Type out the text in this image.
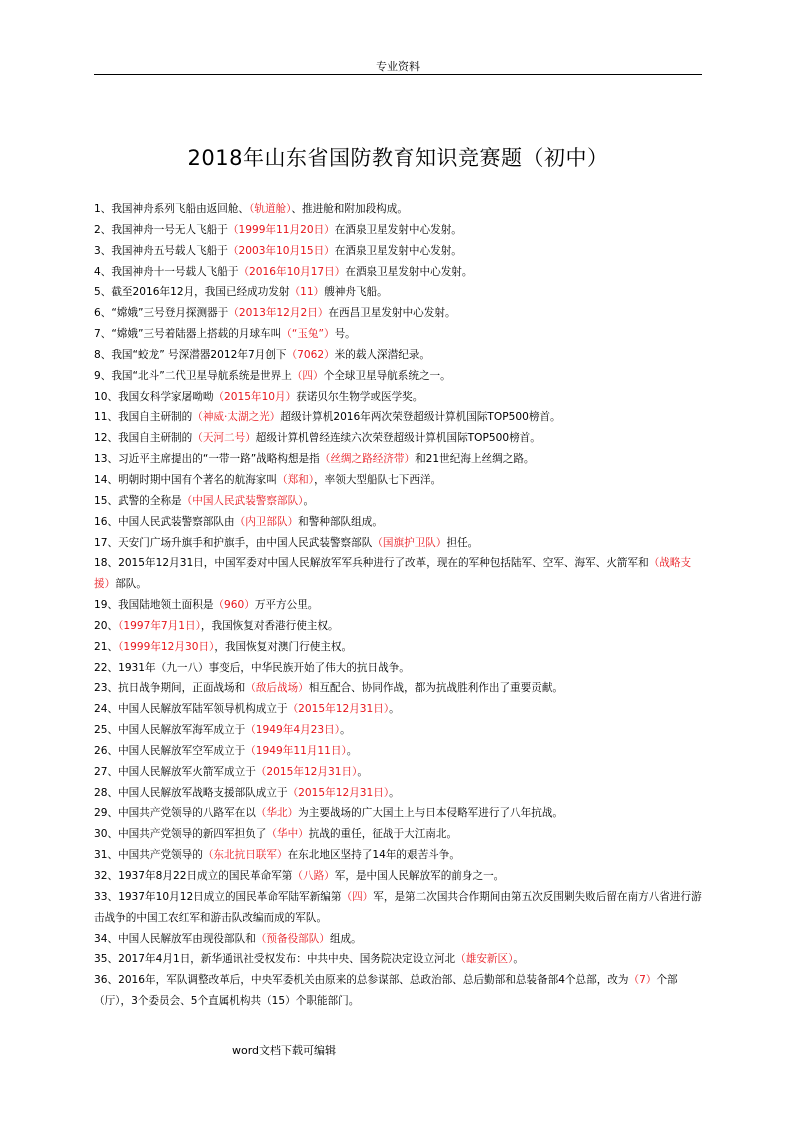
专业资料
2018年山东省国防教育知识竞赛题（初中）
1、我国神舟系列飞船由返回舱、（轨道舱）、推进舱和附加段构成。
2、我国神舟一号无人飞船于（1999年11月20日）在酒泉卫星发射中心发射。
3、我国神舟五号载人飞船于（2003年10月15日）在酒泉卫星发射中心发射。
4、我国神舟十一号载人飞船于（2016年10月17日）在酒泉卫星发射中心发射。
5、截至2016年12月，我国已经成功发射（11）艘神舟飞船。
6、“嫦娥”三号登月探测器于（2013年12月2日）在西昌卫星发射中心发射。
7、“嫦娥”三号着陆器上搭载的月球车叫（“玉兔”）号。
8、我国“蛟龙” 号深潜器2012年7月创下（7062）米的载人深潜纪录。
9、我国“北斗”二代卫星导航系统是世界上（四）个全球卫星导航系统之一。
10、我国女科学家屠呦呦（2015年10月）获诺贝尔生物学或医学奖。
11、我国自主研制的（神威·太湖之光）超级计算机2016年两次荣登超级计算机国际TOP500榜首。
12、我国自主研制的（天河二号）超级计算机曾经连续六次荣登超级计算机国际TOP500榜首。
13、习近平主席提出的“一带一路”战略构想是指（丝绸之路经济带）和21世纪海上丝绸之路。
14、明朝时期中国有个著名的航海家叫（郑和），率领大型船队七下西洋。
15、武警的全称是（中国人民武装警察部队）。
16、中国人民武装警察部队由（内卫部队）和警种部队组成。
17、天安门广场升旗手和护旗手，由中国人民武装警察部队（国旗护卫队）担任。
18、2015年12月31日，中国军委对中国人民解放军军兵种进行了改革，现在的军种包括陆军、空军、海军、火箭军和（战略支援）部队。
19、我国陆地领土面积是（960）万平方公里。
20、（1997年7月1日），我国恢复对香港行使主权。
21、（1999年12月30日），我国恢复对澳门行使主权。
22、1931年（九一八）事变后，中华民族开始了伟大的抗日战争。
23、抗日战争期间，正面战场和（敌后战场）相互配合、协同作战，都为抗战胜利作出了重要贡献。
24、中国人民解放军陆军领导机构成立于（2015年12月31日）。
25、中国人民解放军海军成立于（1949年4月23日）。
26、中国人民解放军空军成立于（1949年11月11日）。
27、中国人民解放军火箭军成立于（2015年12月31日）。
28、中国人民解放军战略支援部队成立于（2015年12月31日）。
29、中国共产党领导的八路军在以（华北）为主要战场的广大国土上与日本侵略军进行了八年抗战。
30、中国共产党领导的新四军担负了（华中）抗战的重任，征战于大江南北。
31、中国共产党领导的（东北抗日联军）在东北地区坚持了14年的艰苦斗争。
32、1937年8月22日成立的国民革命军第（八路）军，是中国人民解放军的前身之一。
33、1937年10月12日成立的国民革命军陆军新编第（四）军，是第二次国共合作期间由第五次反围剿失败后留在南方八省进行游击战争的中国工农红军和游击队改编而成的军队。
34、中国人民解放军由现役部队和（预备役部队）组成。
35、2017年4月1日，新华通讯社受权发布：中共中央、国务院决定设立河北（雄安新区）。
36、2016年，军队调整改革后，中央军委机关由原来的总参谋部、总政治部、总后勤部和总装备部4个总部，改为（7）个部（厅），3个委员会、5个直属机构共（15）个职能部门。
word文档下载可编辑
